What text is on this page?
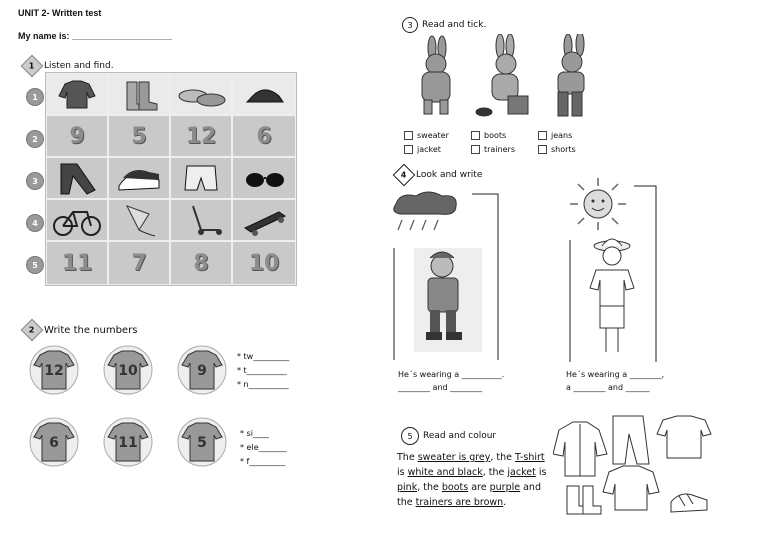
UNIT 2- Written test
My name is: ____________________
1 Listen and find.
9	5	12	6
11	7	8	10
1
2
3
4
5
2 Write the numbers
12	10	9
* tw_________
* t__________
* n__________
6	11	5
* si____
* ele_______
* f_________
3	Read and tick.
sweater	boots	jeans
jacket	trainers	shorts
4 Look and write
He´s wearing a __________.
________ and ________
He´s wearing a ________,
a ________ and ______
5	Read and colour
The sweater is grey, the T-shirt is white and black, the jacket is pink, the boots are purple and the trainers are brown.
